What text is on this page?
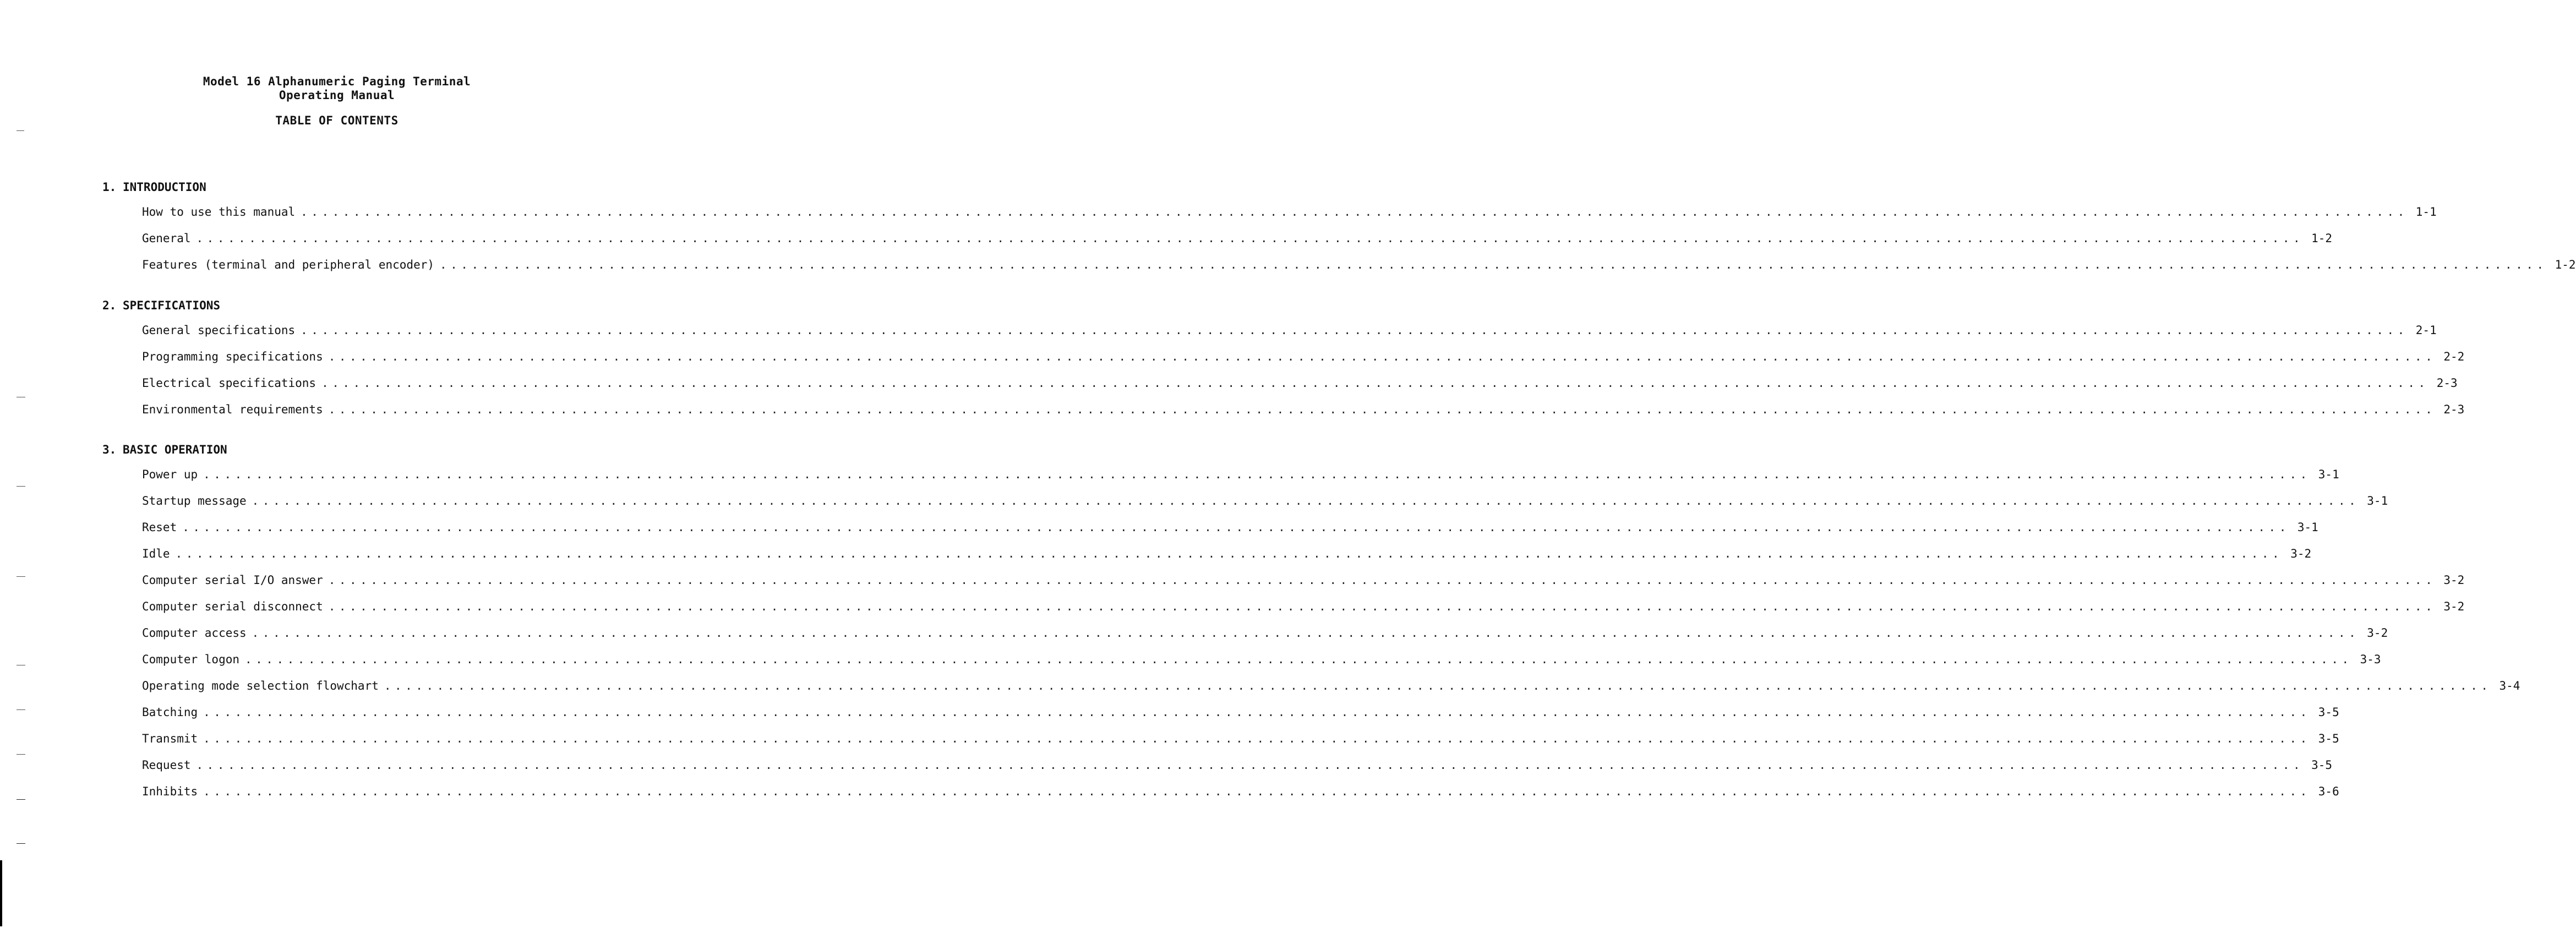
Model 16 Alphanumeric Paging Terminal
Operating Manual
TABLE OF CONTENTS
1. INTRODUCTION
How to use this manual ........................................................................................................................................................................................................ 1-1
General ........................................................................................................................................................................................................ 1-2
Features (terminal and peripheral encoder) ........................................................................................................................................................................................................ 1-2
2. SPECIFICATIONS
General specifications ........................................................................................................................................................................................................ 2-1
Programming specifications ........................................................................................................................................................................................................ 2-2
Electrical specifications ........................................................................................................................................................................................................ 2-3
Environmental requirements ........................................................................................................................................................................................................ 2-3
3. BASIC OPERATION
Power up ........................................................................................................................................................................................................ 3-1
Startup message ........................................................................................................................................................................................................ 3-1
Reset ........................................................................................................................................................................................................ 3-1
Idle ........................................................................................................................................................................................................ 3-2
Computer serial I/O answer ........................................................................................................................................................................................................ 3-2
Computer serial disconnect ........................................................................................................................................................................................................ 3-2
Computer access ........................................................................................................................................................................................................ 3-2
Computer logon ........................................................................................................................................................................................................ 3-3
Operating mode selection flowchart ........................................................................................................................................................................................................ 3-4
Batching ........................................................................................................................................................................................................ 3-5
Transmit ........................................................................................................................................................................................................ 3-5
Request ........................................................................................................................................................................................................ 3-5
Inhibits ........................................................................................................................................................................................................ 3-6
